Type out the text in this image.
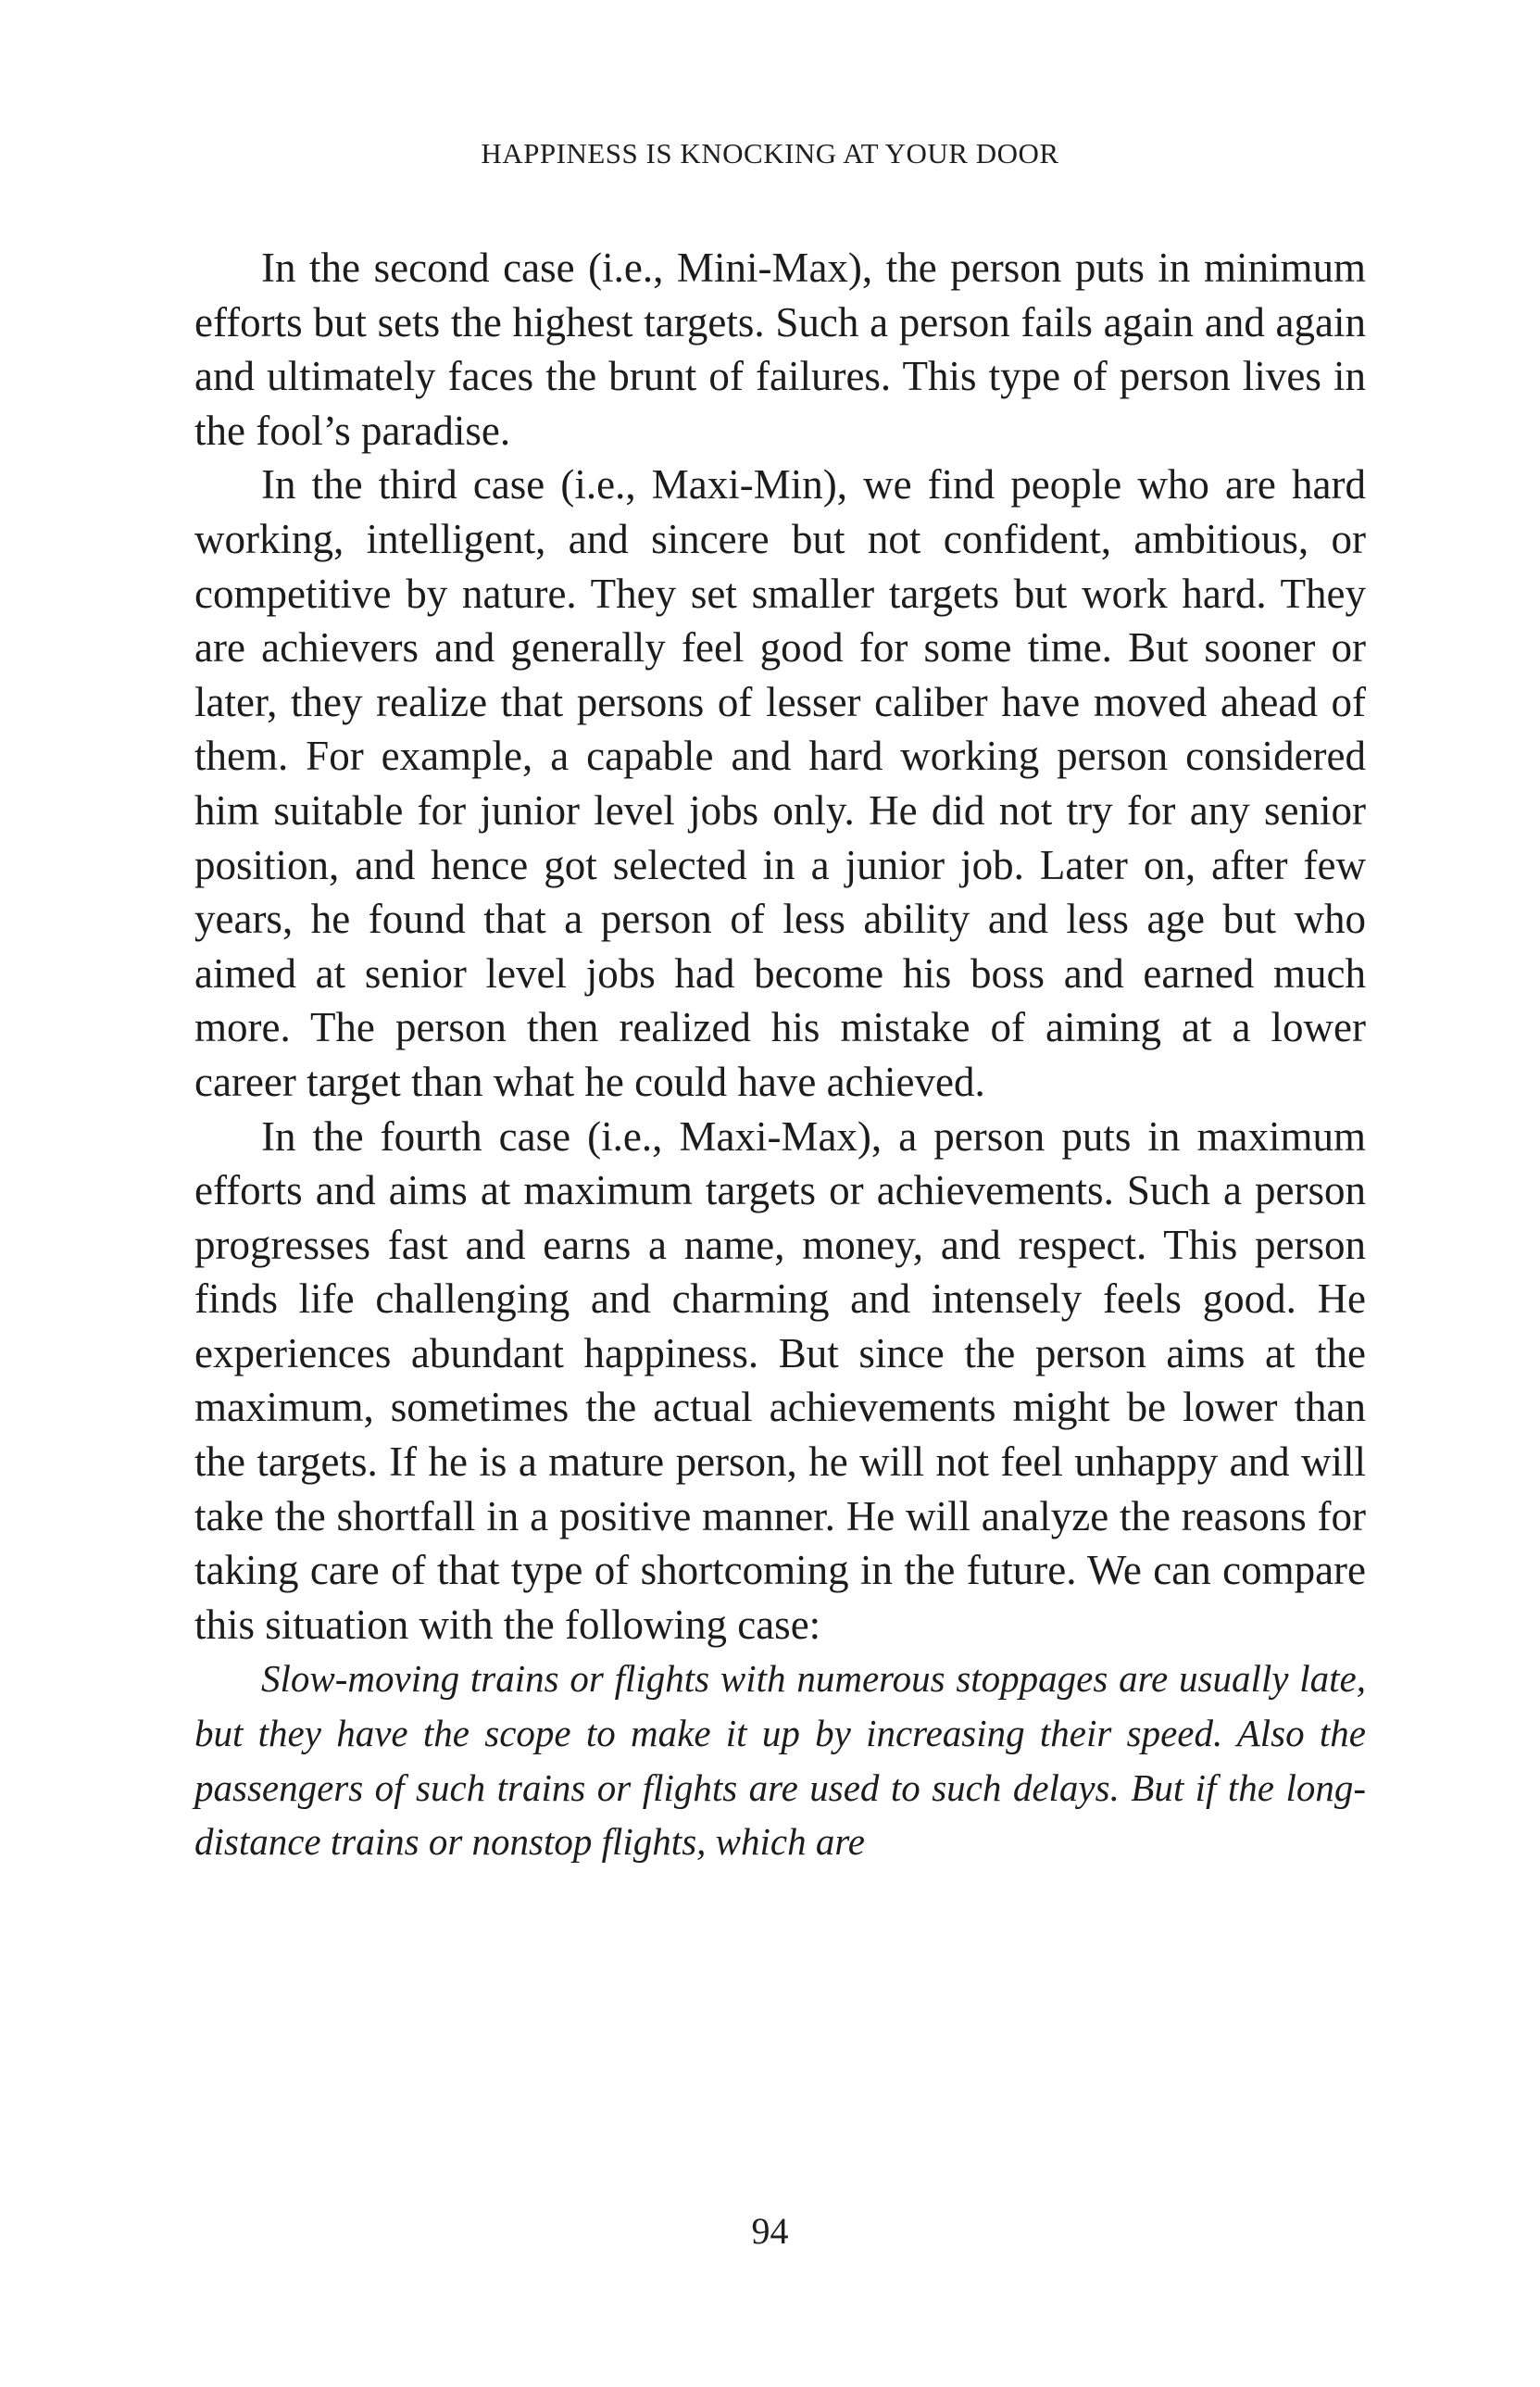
HAPPINESS IS KNOCKING AT YOUR DOOR

In the second case (i.e., Mini-Max), the person puts in minimum efforts but sets the highest targets. Such a person fails again and again and ultimately faces the brunt of failures. This type of person lives in the fool’s paradise.

In the third case (i.e., Maxi-Min), we find people who are hard working, intelligent, and sincere but not confident, ambitious, or competitive by nature. They set smaller targets but work hard. They are achievers and generally feel good for some time. But sooner or later, they realize that persons of lesser caliber have moved ahead of them. For example, a capable and hard working person considered him suitable for junior level jobs only. He did not try for any senior position, and hence got selected in a junior job. Later on, after few years, he found that a person of less ability and less age but who aimed at senior level jobs had become his boss and earned much more. The person then realized his mistake of aiming at a lower career target than what he could have achieved.

In the fourth case (i.e., Maxi-Max), a person puts in maximum efforts and aims at maximum targets or achievements. Such a person progresses fast and earns a name, money, and respect. This person finds life challenging and charming and intensely feels good. He experiences abundant happiness. But since the person aims at the maximum, sometimes the actual achievements might be lower than the targets. If he is a mature person, he will not feel unhappy and will take the shortfall in a positive manner. He will analyze the reasons for taking care of that type of shortcoming in the future. We can compare this situation with the following case:

Slow-moving trains or flights with numerous stoppages are usually late, but they have the scope to make it up by increasing their speed. Also the passengers of such trains or flights are used to such delays. But if the long-distance trains or nonstop flights, which are

94
